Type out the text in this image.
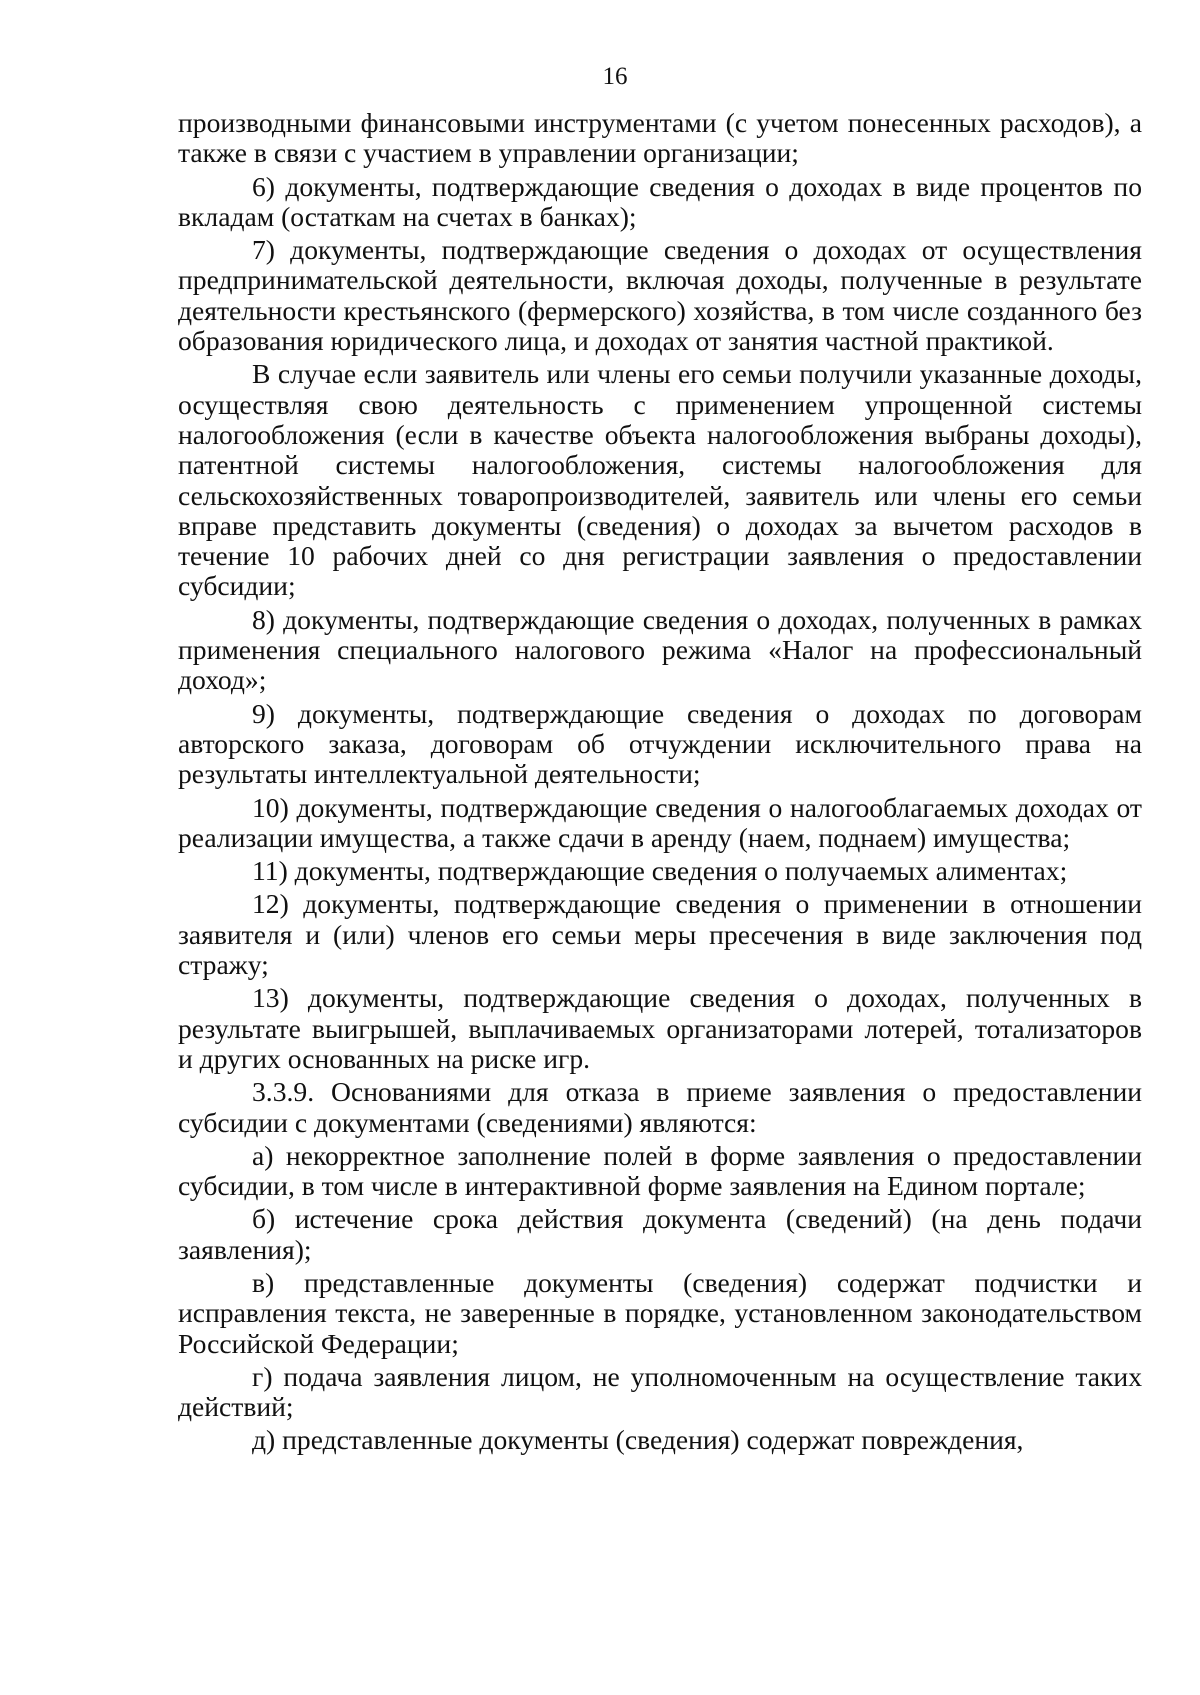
16

производными финансовыми инструментами (с учетом понесенных расходов), а также в связи с участием в управлении организации;

6) документы, подтверждающие сведения о доходах в виде процентов по вкладам (остаткам на счетах в банках);

7) документы, подтверждающие сведения о доходах от осуществления предпринимательской деятельности, включая доходы, полученные в результате деятельности крестьянского (фермерского) хозяйства, в том числе созданного без образования юридического лица, и доходах от занятия частной практикой.

В случае если заявитель или члены его семьи получили указанные доходы, осуществляя свою деятельность с применением упрощенной системы налогообложения (если в качестве объекта налогообложения выбраны доходы), патентной системы налогообложения, системы налогообложения для сельскохозяйственных товаропроизводителей, заявитель или члены его семьи вправе представить документы (сведения) о доходах за вычетом расходов в течение 10 рабочих дней со дня регистрации заявления о предоставлении субсидии;

8) документы, подтверждающие сведения о доходах, полученных в рамках применения специального налогового режима «Налог на профессиональный доход»;

9) документы, подтверждающие сведения о доходах по договорам авторского заказа, договорам об отчуждении исключительного права на результаты интеллектуальной деятельности;

10) документы, подтверждающие сведения о налогооблагаемых доходах от реализации имущества, а также сдачи в аренду (наем, поднаем) имущества;

11) документы, подтверждающие сведения о получаемых алиментах;

12) документы, подтверждающие сведения о применении в отношении заявителя и (или) членов его семьи меры пресечения в виде заключения под стражу;

13) документы, подтверждающие сведения о доходах, полученных в результате выигрышей, выплачиваемых организаторами лотерей, тотализаторов и других основанных на риске игр.

3.3.9. Основаниями для отказа в приеме заявления о предоставлении субсидии с документами (сведениями) являются:

а) некорректное заполнение полей в форме заявления о предоставлении субсидии, в том числе в интерактивной форме заявления на Едином портале;

б) истечение срока действия документа (сведений) (на день подачи заявления);

в) представленные документы (сведения) содержат подчистки и исправления текста, не заверенные в порядке, установленном законодательством Российской Федерации;

г) подача заявления лицом, не уполномоченным на осуществление таких действий;

д) представленные документы (сведения) содержат повреждения,
